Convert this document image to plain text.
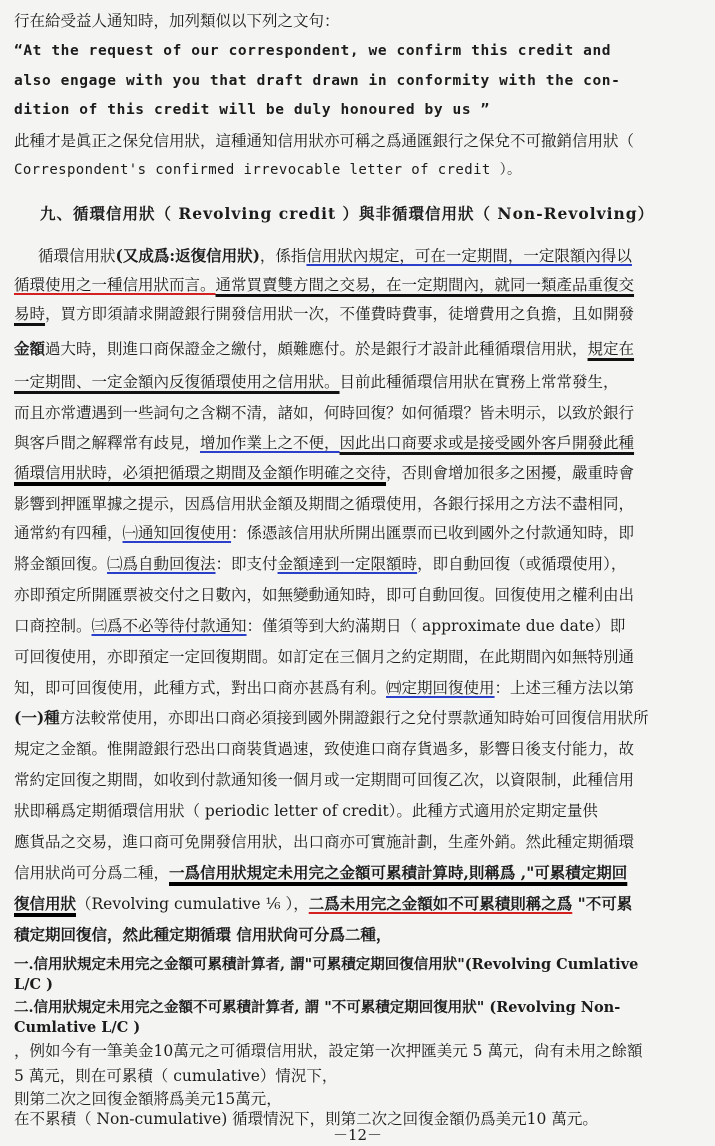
行在給受益人通知時，加列類似以下列之文句：
“At the request of our correspondent, we confirm this credit and
also engage with you that draft drawn in conformity with the con-
dition of this credit will be duly honoured by us ”
此種才是眞正之保兌信用狀，這種通知信用狀亦可稱之爲通匯銀行之保兌不可撤銷信用狀（
Correspondent's confirmed irrevocable letter of credit ）。
九、循環信用狀（ Revolving credit ）與非循環信用狀（ Non-Revolving）
循環信用狀(又成爲:返復信用狀)，係指信用狀內規定，可在一定期間，一定限額內得以
循環使用之一種信用狀而言。通常買賣雙方間之交易，在一定期間內，就同一類產品重復交
易時，買方即須請求開證銀行開發信用狀一次，不僅費時費事，徒增費用之負擔，且如開發
金額過大時，則進口商保證金之繳付，頗難應付。於是銀行才設計此種循環信用狀，規定在
一定期間、一定金額內反復循環使用之信用狀。目前此種循環信用狀在實務上常常發生，
而且亦常遭遇到一些詞句之含糊不清，諸如，何時回復？如何循環？皆未明示，以致於銀行
與客戶間之解釋常有歧見，增加作業上之不便，因此出口商要求或是接受國外客戶開發此種
循環信用狀時，必須把循環之期間及金額作明確之交待，否則會增加很多之困擾，嚴重時會
影響到押匯單據之提示，因爲信用狀金額及期間之循環使用，各銀行採用之方法不盡相同，
通常約有四種，㈠通知回復使用：係憑該信用狀所開出匯票而已收到國外之付款通知時，即
將金額回復。㈡爲自動回復法：即支付金額達到一定限額時，即自動回復（或循環使用），
亦即預定所開匯票被交付之日數內，如無變動通知時，即可自動回復。回復使用之權利由出
口商控制。㈢爲不必等待付款通知：僅須等到大約滿期日（ approximate due date）即
可回復使用，亦即預定一定回復期間。如訂定在三個月之約定期間，在此期間內如無特別通
知，即可回復使用，此種方式，對出口商亦甚爲有利。㈣定期回復使用：上述三種方法以第
(一)種方法較常使用，亦即出口商必須接到國外開證銀行之兌付票款通知時始可回復信用狀所
規定之金額。惟開證銀行恐出口商裝貨過速，致使進口商存貨過多，影響日後支付能力，故
常約定回復之期間，如收到付款通知後一個月或一定期間可回復乙次，以資限制，此種信用
狀即稱爲定期循環信用狀（ periodic letter of credit）。此種方式適用於定期定量供
應貨品之交易，進口商可免開發信用狀，出口商亦可實施計劃，生產外銷。然此種定期循環
信用狀尚可分爲二種，一爲信用狀規定未用完之金額可累積計算時,則稱爲 ,"可累積定期回
復信用狀（Revolving cumulative ⅙ ），二爲未用完之金額如不可累積則稱之爲 "不可累
積定期回復信，然此種定期循環 信用狀尙可分爲二種，
一.信用狀規定未用完之金額可累積計算者, 謂"可累積定期回復信用狀"(Revolving Cumlative
L/C )
二.信用狀規定未用完之金額不可累積計算者, 謂 "不可累積定期回復用狀" (Revolving Non-
Cumlative L/C )
，例如今有一筆美金10萬元之可循環信用狀，設定第一次押匯美元 5 萬元，尙有未用之餘額
5 萬元，則在可累積（ cumulative）情況下，
則第二次之回復金額將爲美元15萬元，
在不累積（ Non-cumulative) 循環情況下，則第二次之回復金額仍爲美元10 萬元。
－12－
